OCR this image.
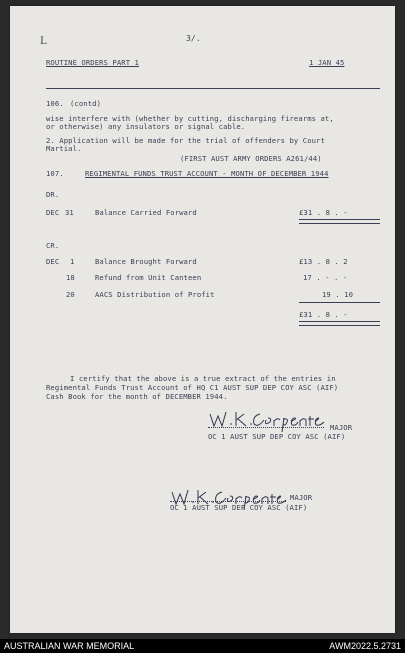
3/.
L
ROUTINE ORDERS PART 1	1 JAN 45
106. (contd)
wise interfere with (whether by cutting, discharging firearms at,
or otherwise) any insulators or signal cable.
2. Application will be made for the trial of offenders by Court
Martial.
(FIRST AUST ARMY ORDERS A261/44)
107.	REGIMENTAL FUNDS TRUST ACCOUNT - MONTH OF DECEMBER 1944
DR.
DEC 31	Balance Carried Forward	£31 . 8 . -
CR.
DEC 1	Balance Brought Forward	£13 . 8 . 2
18	Refund from Unit Canteen	17 . - . -
20	AACS Distribution of Profit	19 . 10
£31 . 8 . -
I certify that the above is a true extract of the entries in
Regimental Funds Trust Account of HQ C1 AUST SUP DEP COY ASC (AIF)
Cash Book for the month of DECEMBER 1944.
MAJOR
OC 1 AUST SUP DEP COY ASC (AIF)
MAJOR
OC 1 AUST SUP DEP COY ASC (AIF)
AUSTRALIAN WAR MEMORIAL	AWM2022.5.2731
